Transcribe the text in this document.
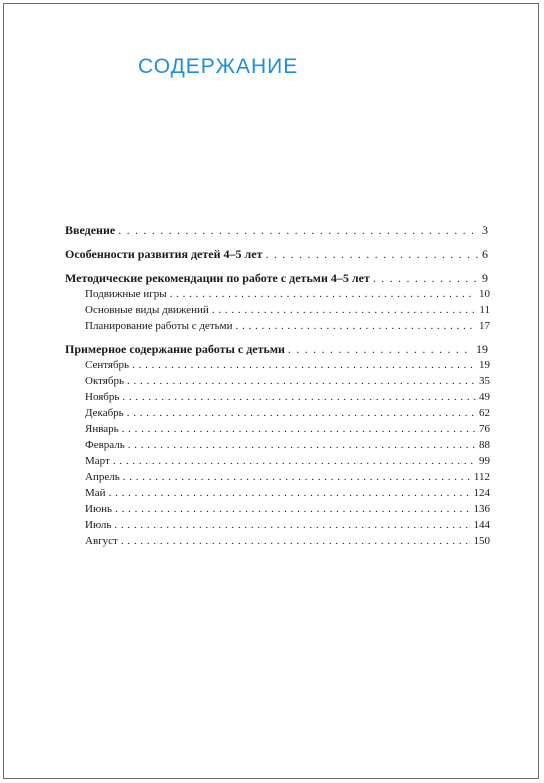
СОДЕРЖАНИЕ
Введение . . .	3
Особенности развития детей 4–5 лет . . .	6
Методические рекомендации по работе с детьми 4–5 лет . . .	9
Подвижные игры . . .	10
Основные виды движений . . .	11
Планирование работы с детьми . . .	17
Примерное содержание работы с детьми . . .	19
Сентябрь . . .	19
Октябрь . . .	35
Ноябрь . . .	49
Декабрь . . .	62
Январь . . .	76
Февраль . . .	88
Март . . .	99
Апрель . . .	112
Май . . .	124
Июнь . . .	136
Июль . . .	144
Август . . .	150
